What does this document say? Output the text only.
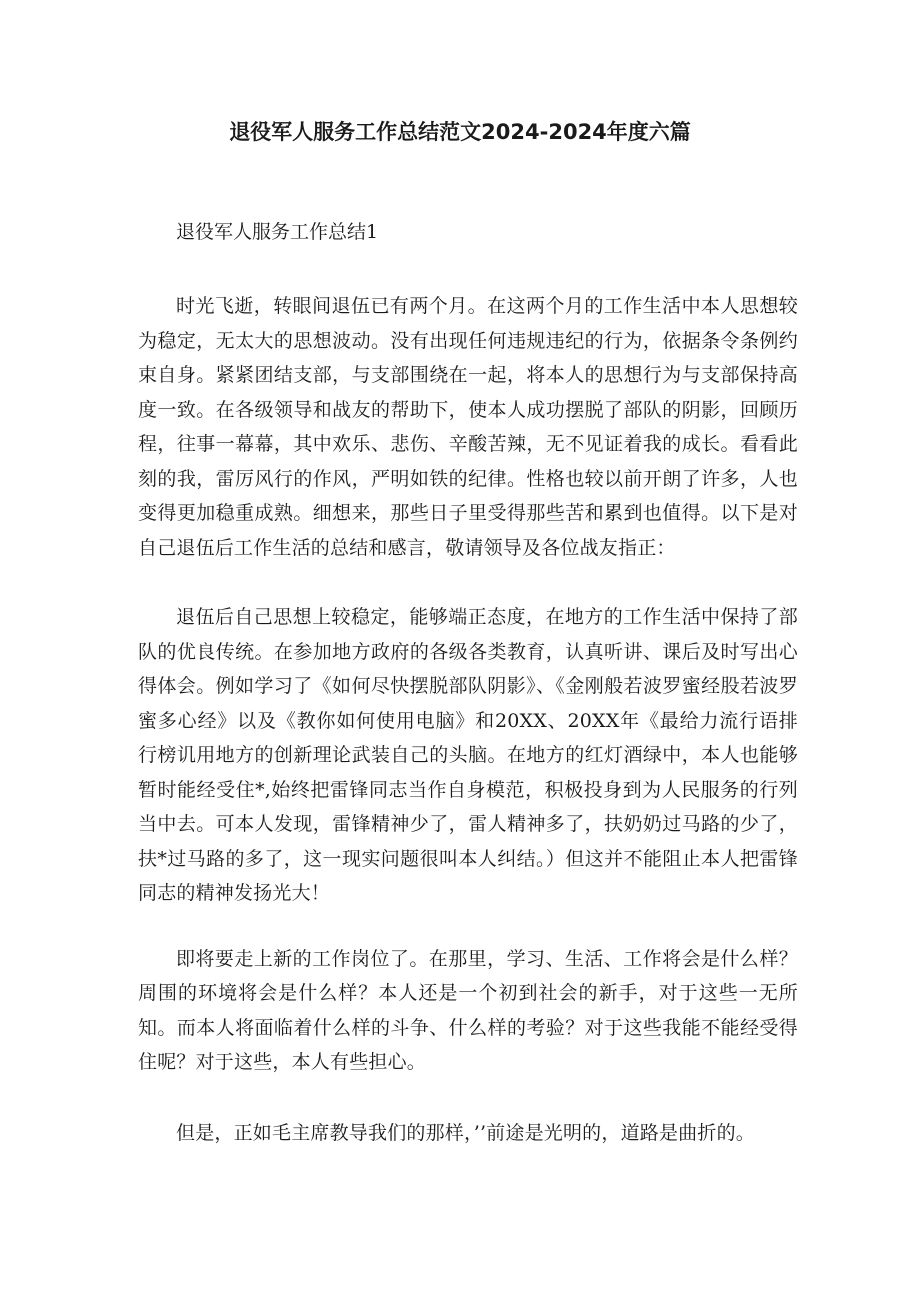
退役军人服务工作总结范文2024-2024年度六篇

退役军人服务工作总结1

时光飞逝，转眼间退伍已有两个月。在这两个月的工作生活中本人思想较为稳定，无太大的思想波动。没有出现任何违规违纪的行为，依据条令条例约束自身。紧紧团结支部，与支部围绕在一起，将本人的思想行为与支部保持高度一致。在各级领导和战友的帮助下，使本人成功摆脱了部队的阴影，回顾历程，往事一幕幕，其中欢乐、悲伤、辛酸苦辣，无不见证着我的成长。看看此刻的我，雷厉风行的作风，严明如铁的纪律。性格也较以前开朗了许多，人也变得更加稳重成熟。细想来，那些日子里受得那些苦和累到也值得。以下是对自己退伍后工作生活的总结和感言，敬请领导及各位战友指正：

退伍后自己思想上较稳定，能够端正态度，在地方的工作生活中保持了部队的优良传统。在参加地方政府的各级各类教育，认真听讲、课后及时写出心得体会。例如学习了《如何尽快摆脱部队阴影》、《金刚般若波罗蜜经股若波罗蜜多心经》以及《教你如何使用电脑》和20XX、20XX年《最给力流行语排行榜讥用地方的创新理论武装自己的头脑。在地方的红灯酒绿中，本人也能够暂时能经受住*,始终把雷锋同志当作自身模范，积极投身到为人民服务的行列当中去。可本人发现，雷锋精神少了，雷人精神多了，扶奶奶过马路的少了，扶*过马路的多了，这一现实问题很叫本人纠结。）但这并不能阻止本人把雷锋同志的精神发扬光大！

即将要走上新的工作岗位了。在那里，学习、生活、工作将会是什么样？周围的环境将会是什么样？本人还是一个初到社会的新手，对于这些一无所知。而本人将面临着什么样的斗争、什么样的考验？对于这些我能不能经受得住呢？对于这些，本人有些担心。

但是，正如毛主席教导我们的那样，’’前途是光明的，道路是曲折的。
